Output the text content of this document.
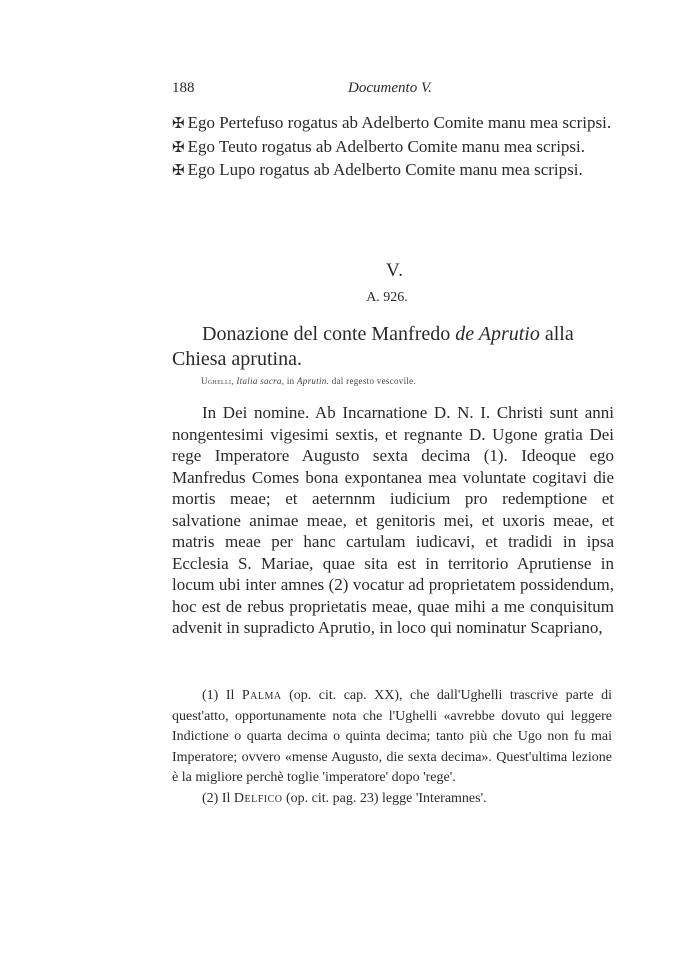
188	Documento V.

✠ Ego Pertefuso rogatus ab Adelberto Comite manu mea scripsi.

✠ Ego Teuto rogatus ab Adelberto Comite manu mea scripsi.

✠ Ego Lupo rogatus ab Adelberto Comite manu mea scripsi.

V.
A. 926.

Donazione del conte Manfredo de Aprutio alla Chiesa aprutina.

Ughelli, Italia sacra, in Aprutin. dal regesto vescovile.

In Dei nomine. Ab Incarnatione D. N. I. Christi sunt anni nongentesimi vigesimi sextis, et regnante D. Ugone gratia Dei rege Imperatore Augusto sexta decima (1). Ideoque ego Manfredus Comes bona expontanea mea voluntate cogitavi die mortis meae; et aeternnm iudicium pro redemptione et salvatione animae meae, et genitoris mei, et uxoris meae, et matris meae per hanc cartulam iudicavi, et tradidi in ipsa Ecclesia S. Mariae, quae sita est in territorio Aprutiense in locum ubi inter amnes (2) vocatur ad proprietatem possidendum, hoc est de rebus proprietatis meae, quae mihi a me conquisitum advenit in supradicto Aprutio, in loco qui nominatur Scapriano,

(1) Il Palma (op. cit. cap. XX), che dall'Ughelli trascrive parte di quest'atto, opportunamente nota che l'Ughelli «avrebbe dovuto qui leggere Indictione o quarta decima o quinta decima; tanto più che Ugo non fu mai Imperatore; ovvero «mense Augusto, die sexta decima». Quest'ultima lezione è la migliore perchè toglie 'imperatore' dopo 'rege'.

(2) Il Delfico (op. cit. pag. 23) legge 'Interamnes'.
